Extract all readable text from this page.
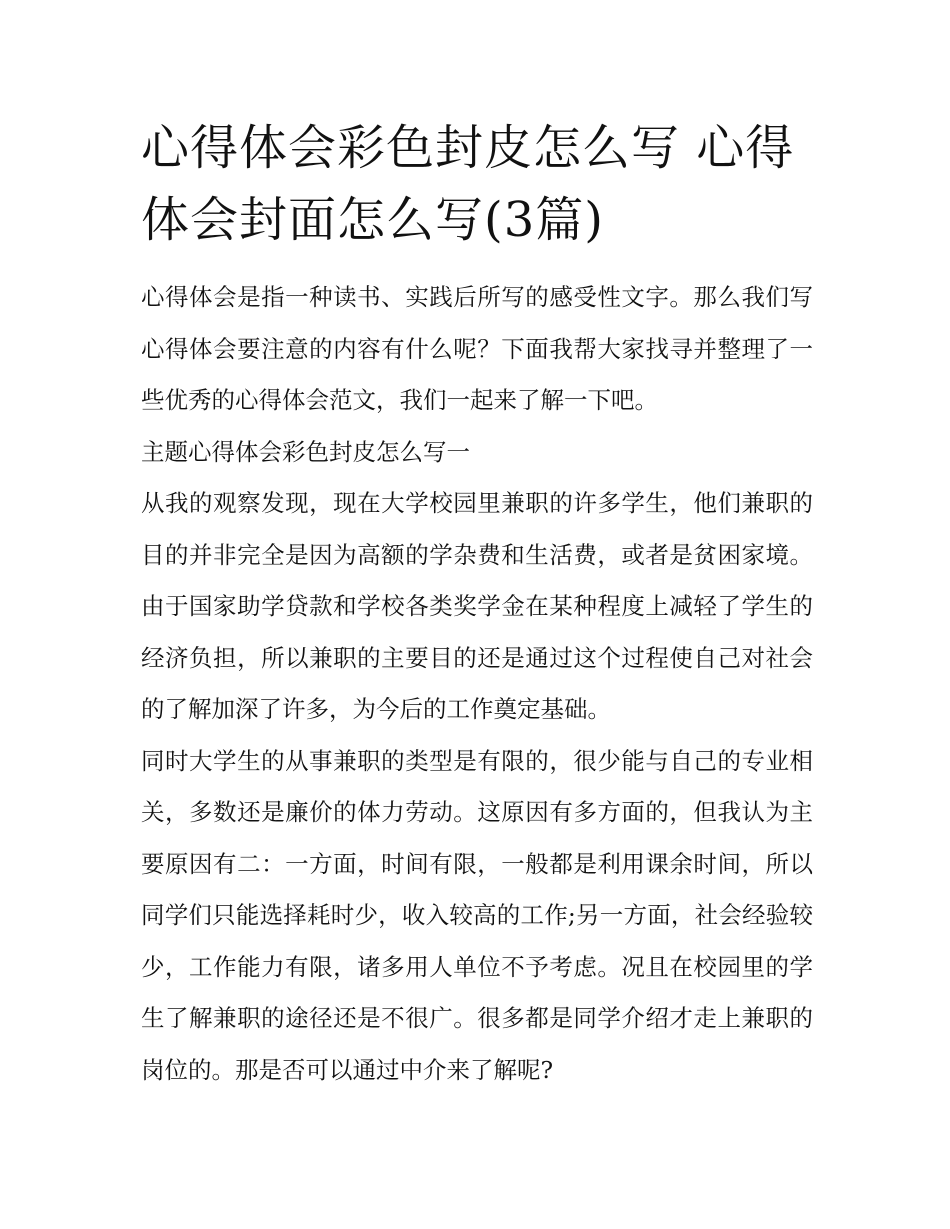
心得体会彩色封皮怎么写 心得体会封面怎么写(3篇)

心得体会是指一种读书、实践后所写的感受性文字。那么我们写心得体会要注意的内容有什么呢？下面我帮大家找寻并整理了一些优秀的心得体会范文，我们一起来了解一下吧。

主题心得体会彩色封皮怎么写一

从我的观察发现，现在大学校园里兼职的许多学生，他们兼职的目的并非完全是因为高额的学杂费和生活费，或者是贫困家境。由于国家助学贷款和学校各类奖学金在某种程度上减轻了学生的经济负担，所以兼职的主要目的还是通过这个过程使自己对社会的了解加深了许多，为今后的工作奠定基础。

同时大学生的从事兼职的类型是有限的，很少能与自己的专业相关，多数还是廉价的体力劳动。这原因有多方面的，但我认为主要原因有二：一方面，时间有限，一般都是利用课余时间，所以同学们只能选择耗时少，收入较高的工作;另一方面，社会经验较少，工作能力有限，诸多用人单位不予考虑。况且在校园里的学生了解兼职的途径还是不很广。很多都是同学介绍才走上兼职的岗位的。那是否可以通过中介来了解呢?
